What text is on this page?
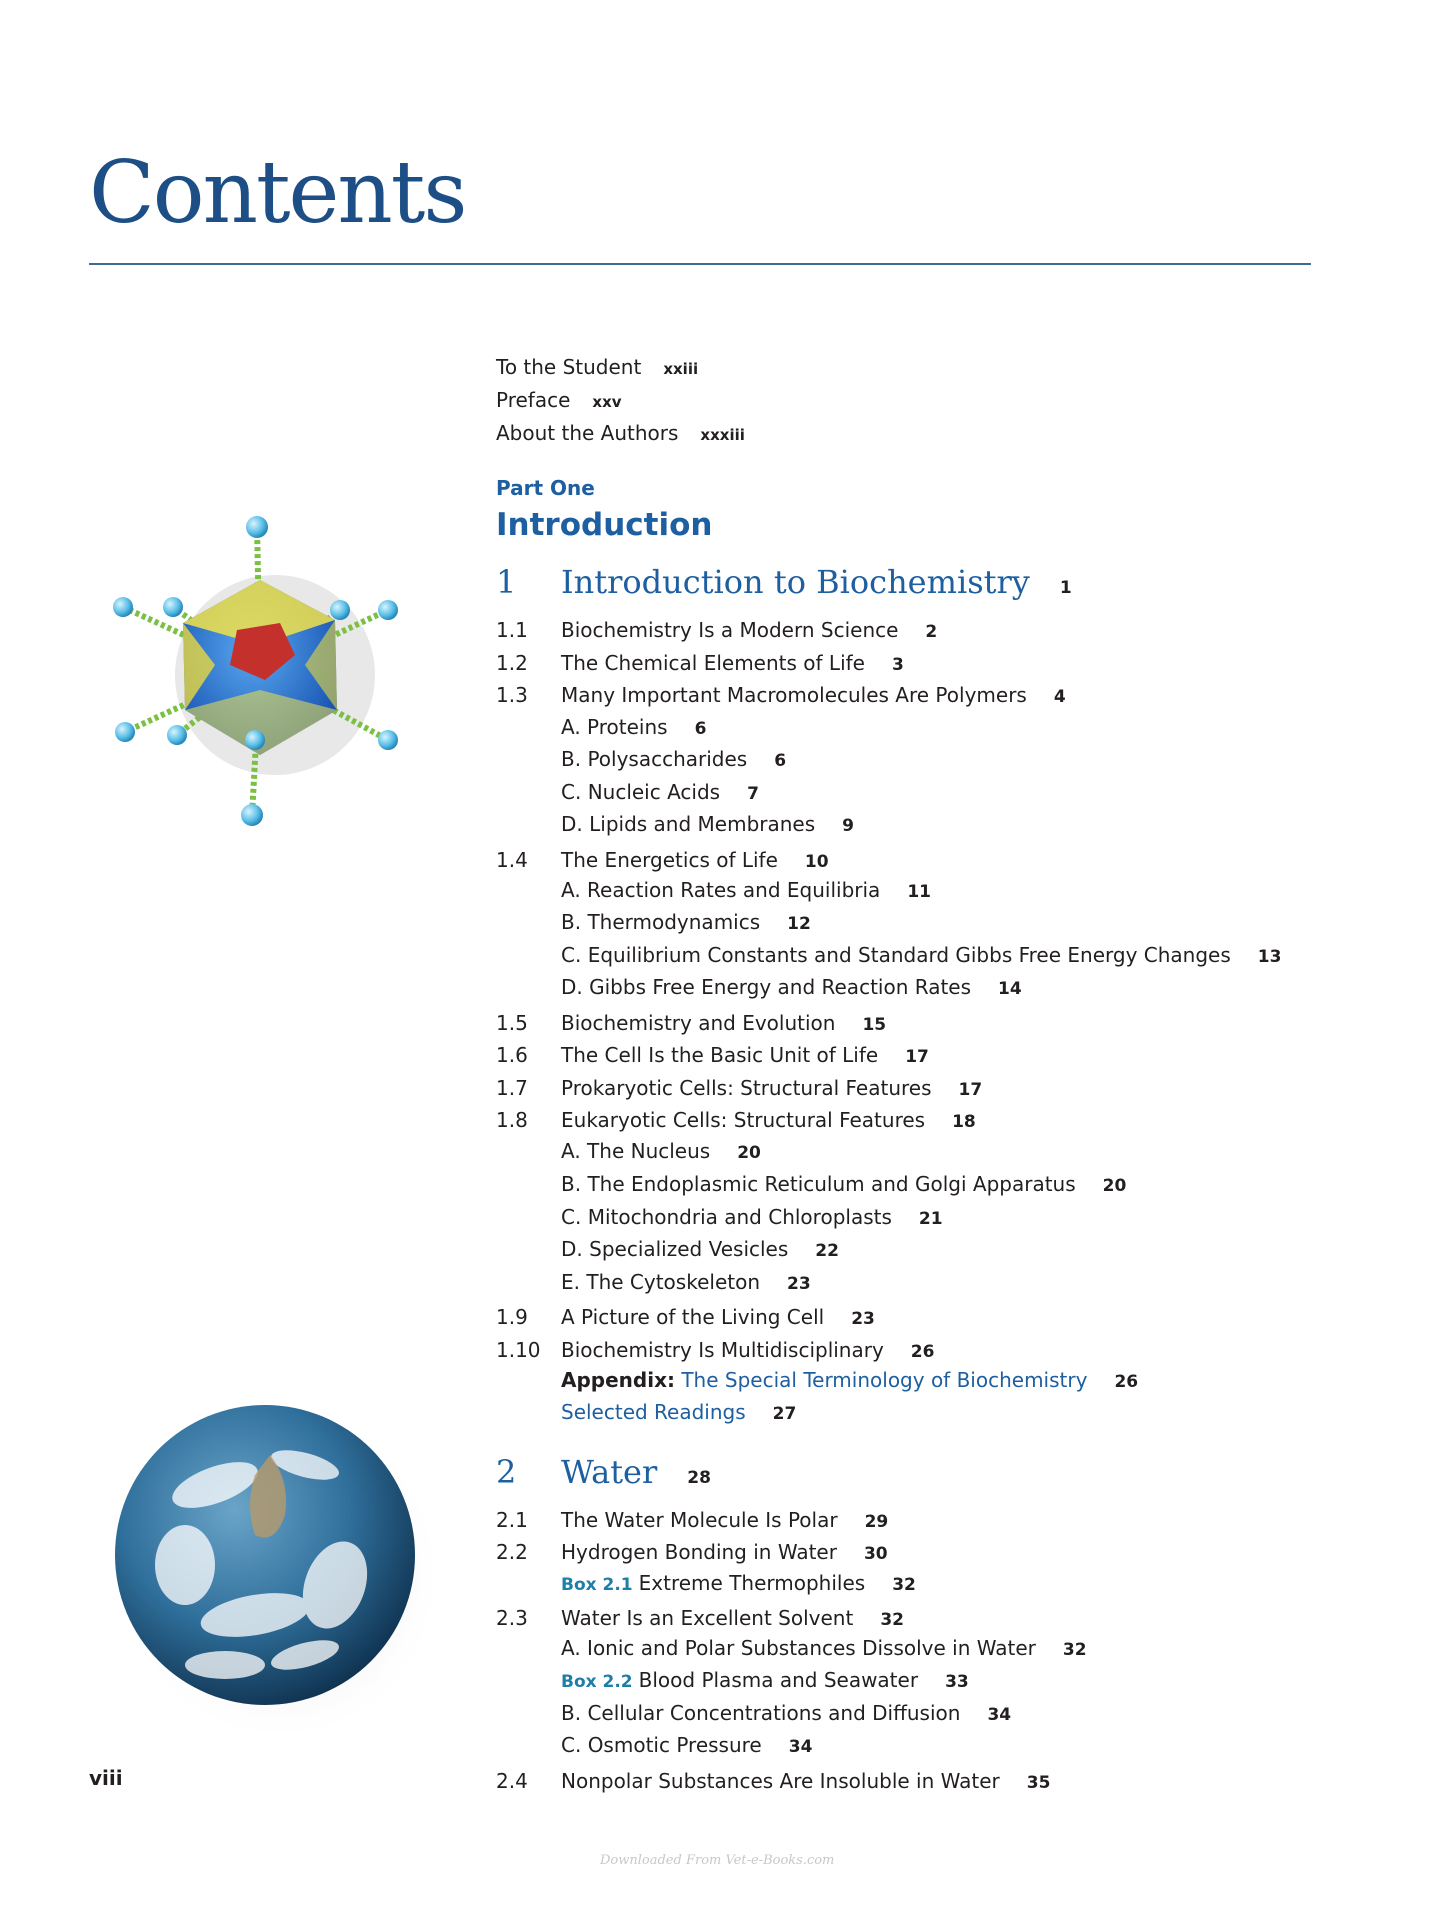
Contents
To the Student xxiii
Preface xxv
About the Authors xxxiii
Part One
Introduction
1 Introduction to Biochemistry 1
1.1 Biochemistry Is a Modern Science 2
1.2 The Chemical Elements of Life 3
1.3 Many Important Macromolecules Are Polymers 4
A. Proteins 6
B. Polysaccharides 6
C. Nucleic Acids 7
D. Lipids and Membranes 9
1.4 The Energetics of Life 10
A. Reaction Rates and Equilibria 11
B. Thermodynamics 12
C. Equilibrium Constants and Standard Gibbs Free Energy Changes 13
D. Gibbs Free Energy and Reaction Rates 14
1.5 Biochemistry and Evolution 15
1.6 The Cell Is the Basic Unit of Life 17
1.7 Prokaryotic Cells: Structural Features 17
1.8 Eukaryotic Cells: Structural Features 18
A. The Nucleus 20
B. The Endoplasmic Reticulum and Golgi Apparatus 20
C. Mitochondria and Chloroplasts 21
D. Specialized Vesicles 22
E. The Cytoskeleton 23
1.9 A Picture of the Living Cell 23
1.10 Biochemistry Is Multidisciplinary 26
Appendix: The Special Terminology of Biochemistry 26
Selected Readings 27
2 Water 28
2.1 The Water Molecule Is Polar 29
2.2 Hydrogen Bonding in Water 30
Box 2.1 Extreme Thermophiles 32
2.3 Water Is an Excellent Solvent 32
A. Ionic and Polar Substances Dissolve in Water 32
Box 2.2 Blood Plasma and Seawater 33
B. Cellular Concentrations and Diffusion 34
C. Osmotic Pressure 34
2.4 Nonpolar Substances Are Insoluble in Water 35
viii
Downloaded From Vet-e-Books.com
